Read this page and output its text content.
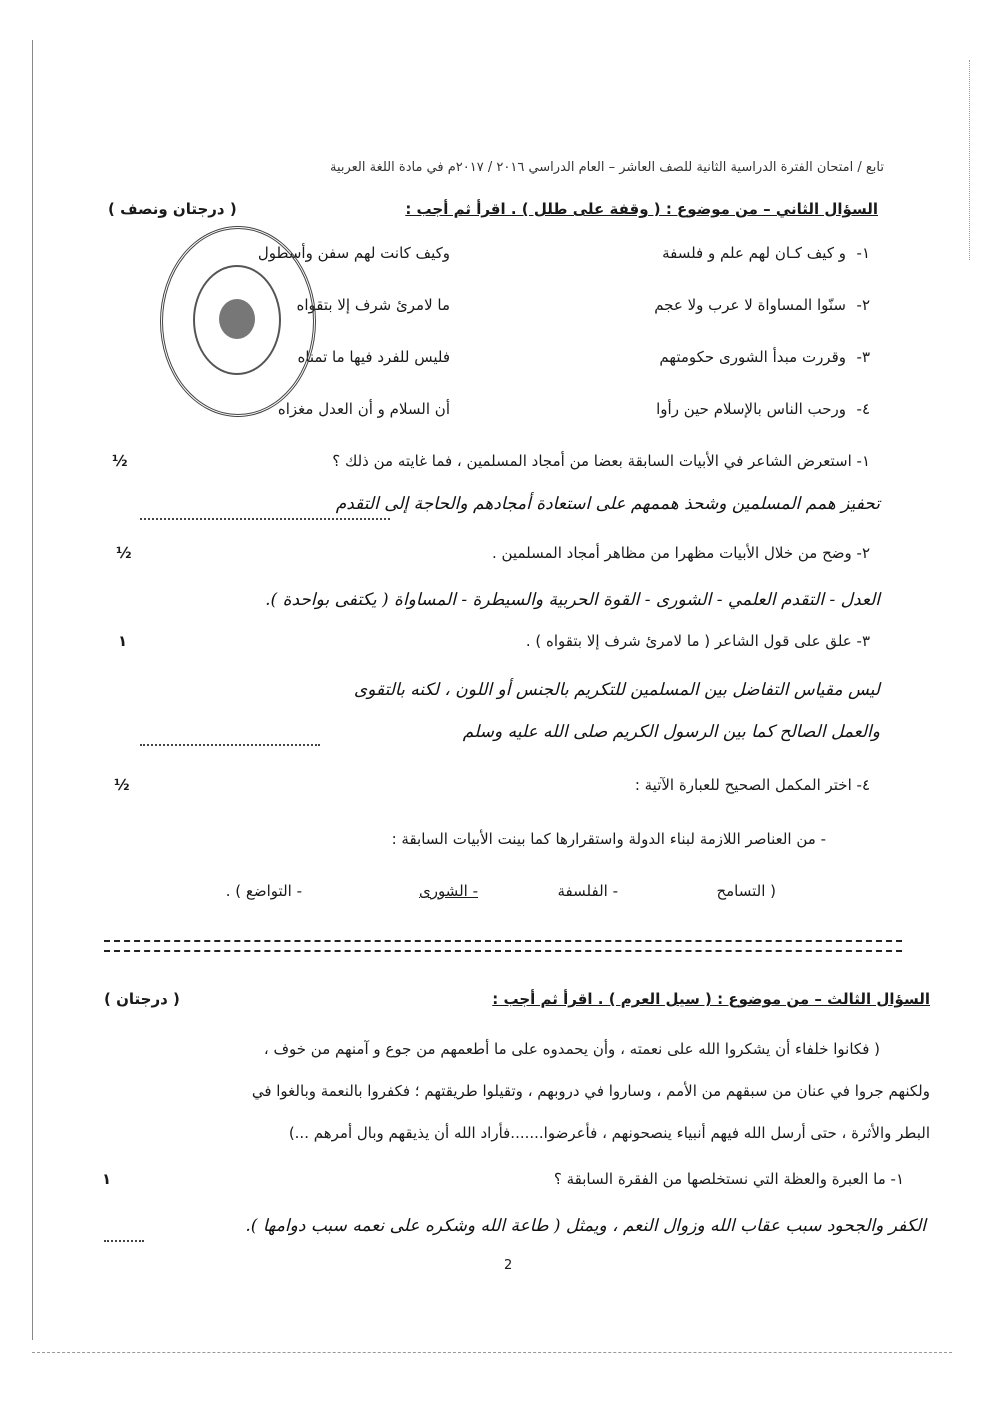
تابع / امتحان الفترة الدراسية الثانية للصف العاشر – العام الدراسي ٢٠١٦ / ٢٠١٧م في مادة اللغة العربية
السؤال الثاني – من موضوع : ( وقفة على طلل ) . اقرأ ثم أجب :
( درجتان ونصف )
١-
و كيف كـان لهم علم و فلسفة
وكيف كانت لهم سفن وأسطول
٢-
سنّوا المساواة لا عرب ولا عجم
ما لامرئ شرف إلا بتقواه
٣-
وقررت مبدأ الشورى حكومتهم
فليس للفرد فيها ما تمناه
٤-
ورحب الناس بالإسلام حين رأوا
أن السلام و أن العدل مغزاه
١- استعرض الشاعر في الأبيات السابقة بعضا من أمجاد المسلمين ، فما غايته من ذلك ؟
½
تحفيز همم المسلمين وشحذ هممهم على استعادة أمجادهم والحاجة إلى التقدم
٢- وضح من خلال الأبيات مظهرا من مظاهر أمجاد المسلمين .
½
العدل - التقدم العلمي - الشورى - القوة الحربية والسيطرة - المساواة ( يكتفى بواحدة ).
٣- علق على قول الشاعر ( ما لامرئ شرف إلا بتقواه ) .
١
ليس مقياس التفاضل بين المسلمين للتكريم بالجنس أو اللون ، لكنه بالتقوى
والعمل الصالح كما بين الرسول الكريم صلى الله عليه وسلم
٤- اختر المكمل الصحيح للعبارة الآتية :
½
- من العناصر اللازمة لبناء الدولة واستقرارها كما بينت الأبيات السابقة :
( التسامح
- الفلسفة
- الشورى
- التواضع ) .
السؤال الثالث – من موضوع : ( سيل العرم ) . اقرأ ثم أجب :
( درجتان )
( فكانوا خلفاء أن يشكروا الله على نعمته ، وأن يحمدوه على ما أطعمهم من جوع و آمنهم من خوف ،
ولكنهم جروا في عنان من سبقهم من الأمم ، وساروا في دروبهم ، وتقيلوا طريقتهم ؛ فكفروا بالنعمة وبالغوا في
البطر والأثرة ، حتى أرسل الله فيهم أنبياء ينصحونهم ، فأعرضوا.......فأراد الله أن يذيقهم وبال أمرهم ...)
١- ما العبرة والعظة التي نستخلصها من الفقرة السابقة ؟
١
الكفر والجحود سبب عقاب الله وزوال النعم ، ويمثل ( طاعة الله وشكره على نعمه سبب دوامها ).
2
